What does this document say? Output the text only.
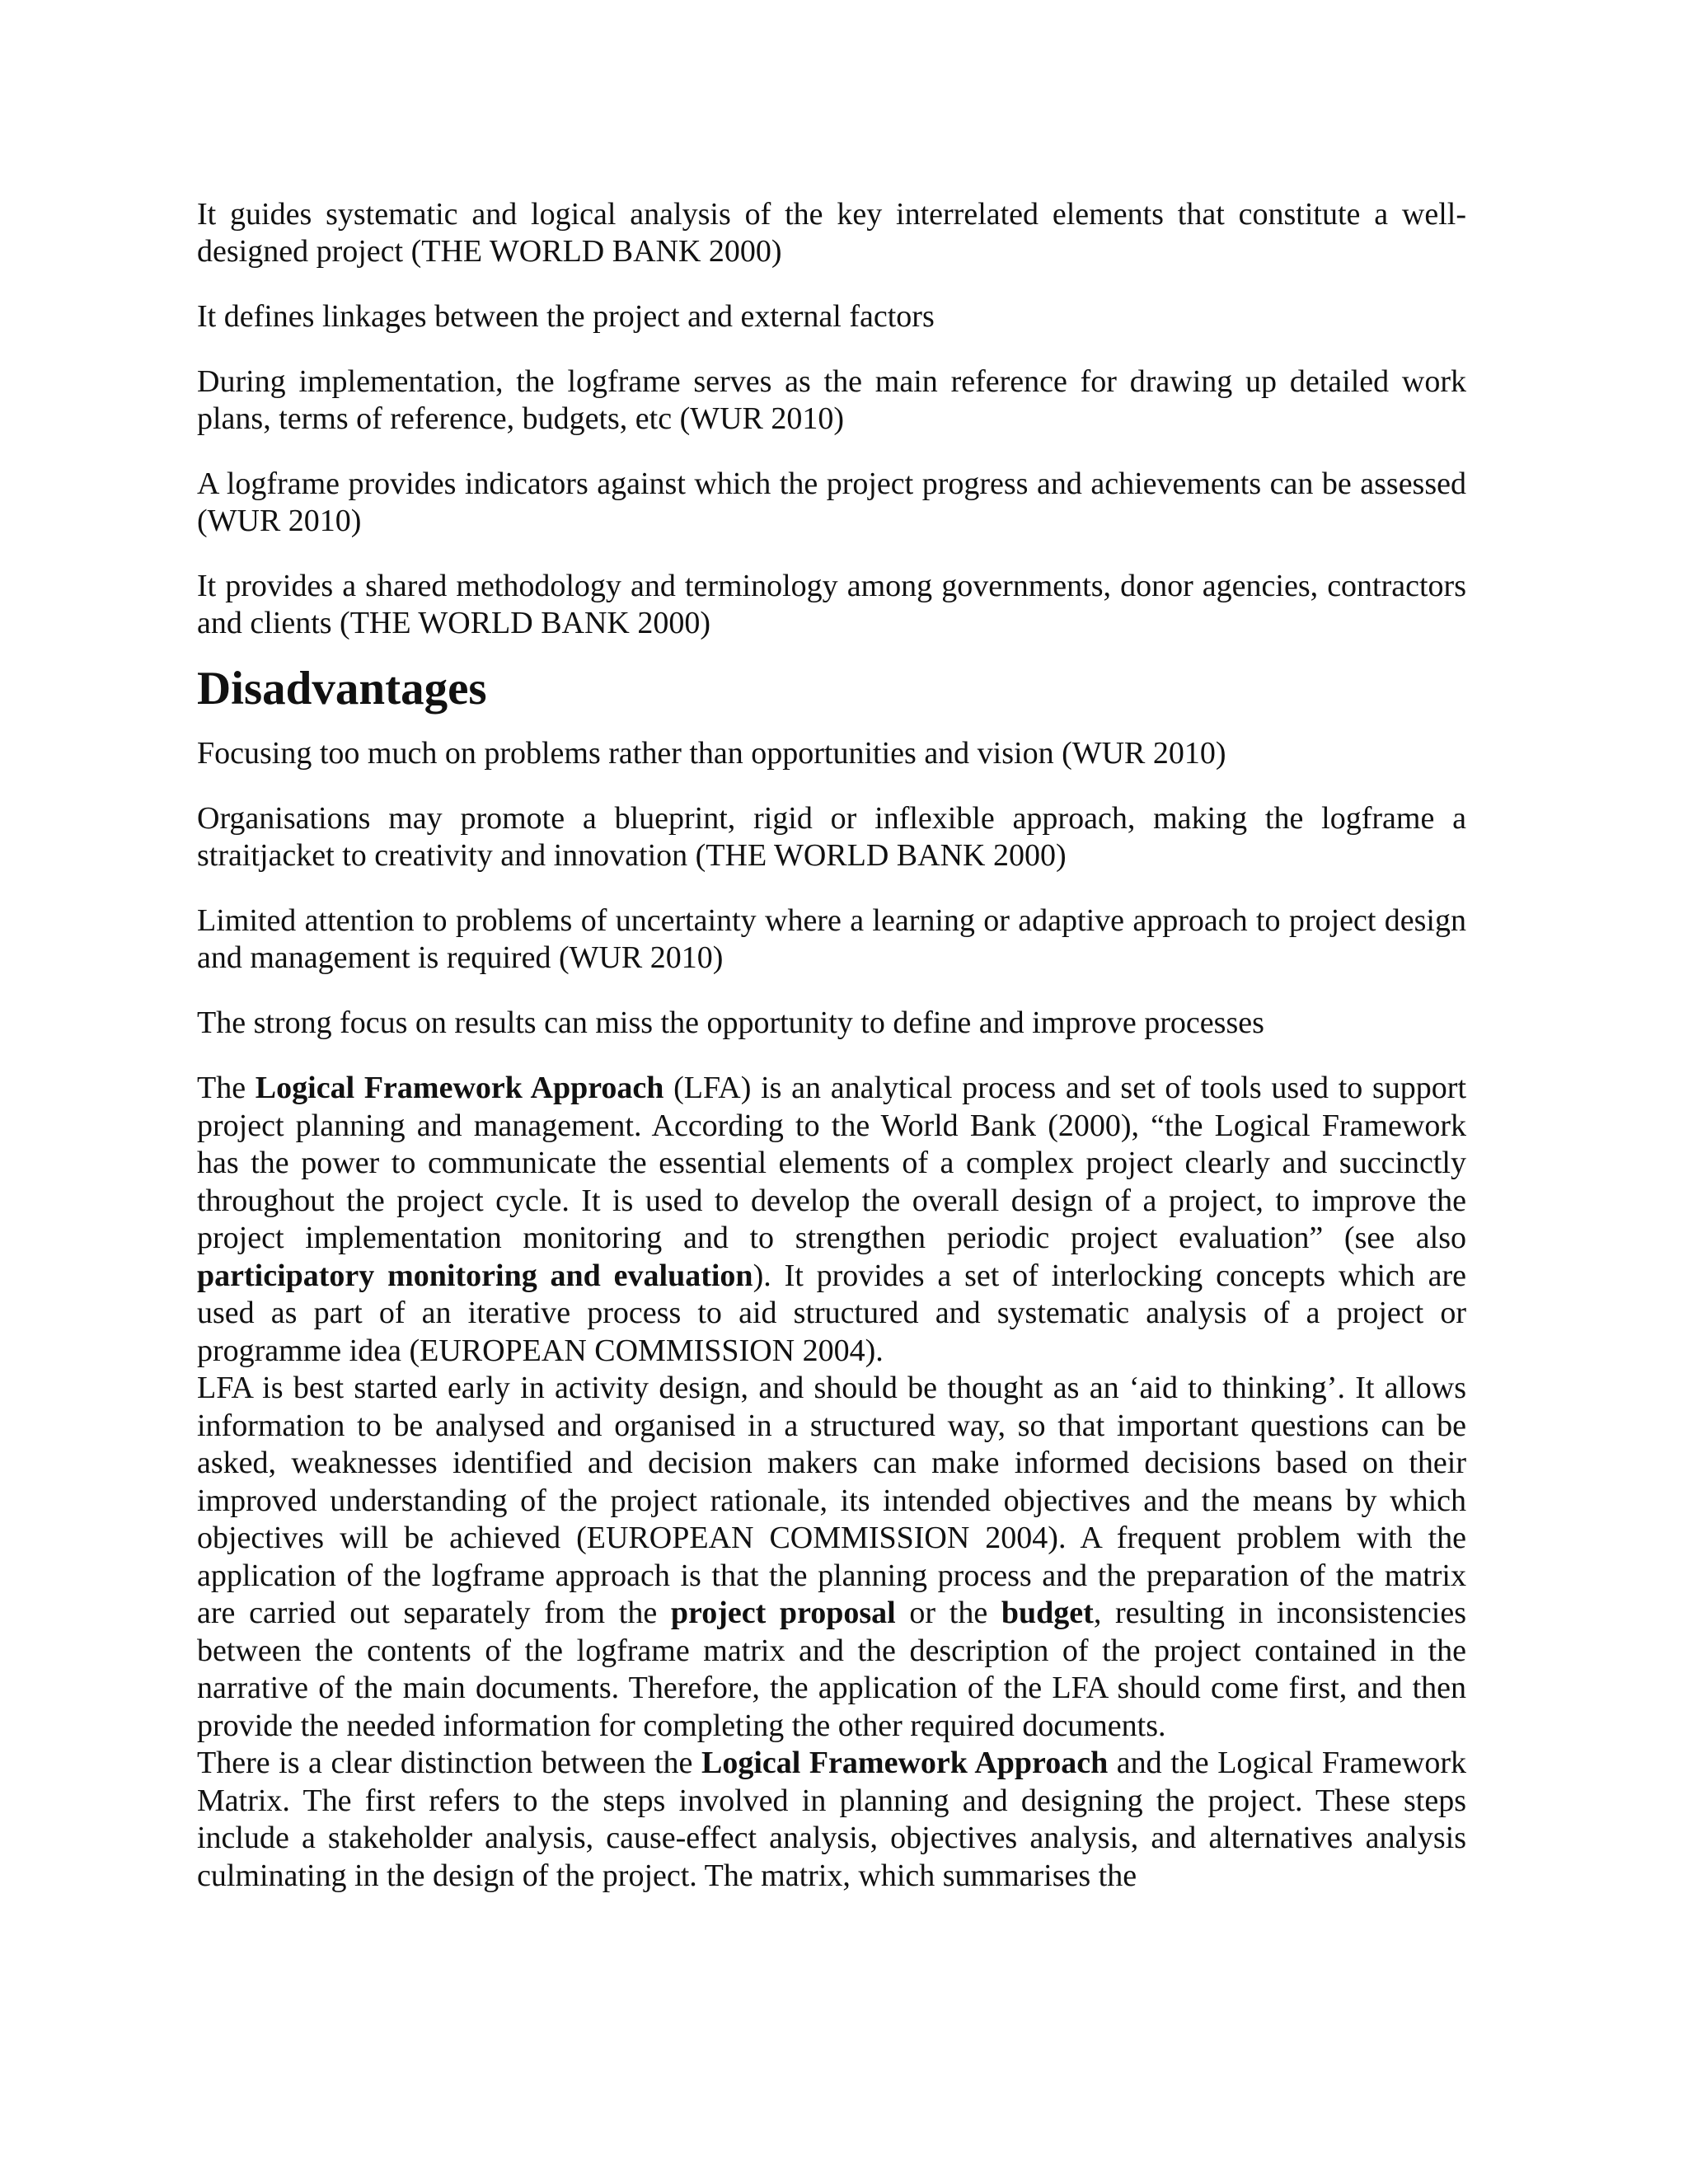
It guides systematic and logical analysis of the key interrelated elements that constitute a well-designed project (THE WORLD BANK 2000)

It defines linkages between the project and external factors

During implementation, the logframe serves as the main reference for drawing up detailed work plans, terms of reference, budgets, etc (WUR 2010)

A logframe provides indicators against which the project progress and achievements can be assessed (WUR 2010)

It provides a shared methodology and terminology among governments, donor agencies, contractors and clients (THE WORLD BANK 2000)

Disadvantages

Focusing too much on problems rather than opportunities and vision (WUR 2010)

Organisations may promote a blueprint, rigid or inflexible approach, making the logframe a straitjacket to creativity and innovation (THE WORLD BANK 2000)

Limited attention to problems of uncertainty where a learning or adaptive approach to project design and management is required (WUR 2010)

The strong focus on results can miss the opportunity to define and improve processes

The Logical Framework Approach (LFA) is an analytical process and set of tools used to support project planning and management. According to the World Bank (2000), “the Logical Framework has the power to communicate the essential elements of a complex project clearly and succinctly throughout the project cycle. It is used to develop the overall design of a project, to improve the project implementation monitoring and to strengthen periodic project evaluation” (see also participatory monitoring and evaluation). It provides a set of interlocking concepts which are used as part of an iterative process to aid structured and systematic analysis of a project or programme idea (EUROPEAN COMMISSION 2004).

LFA is best started early in activity design, and should be thought as an ‘aid to thinking’. It allows information to be analysed and organised in a structured way, so that important questions can be asked, weaknesses identified and decision makers can make informed decisions based on their improved understanding of the project rationale, its intended objectives and the means by which objectives will be achieved (EUROPEAN COMMISSION 2004). A frequent problem with the application of the logframe approach is that the planning process and the preparation of the matrix are carried out separately from the project proposal or the budget, resulting in inconsistencies between the contents of the logframe matrix and the description of the project contained in the narrative of the main documents. Therefore, the application of the LFA should come first, and then provide the needed information for completing the other required documents.

There is a clear distinction between the Logical Framework Approach and the Logical Framework Matrix. The first refers to the steps involved in planning and designing the project. These steps include a stakeholder analysis, cause-effect analysis, objectives analysis, and alternatives analysis culminating in the design of the project. The matrix, which summarises the
